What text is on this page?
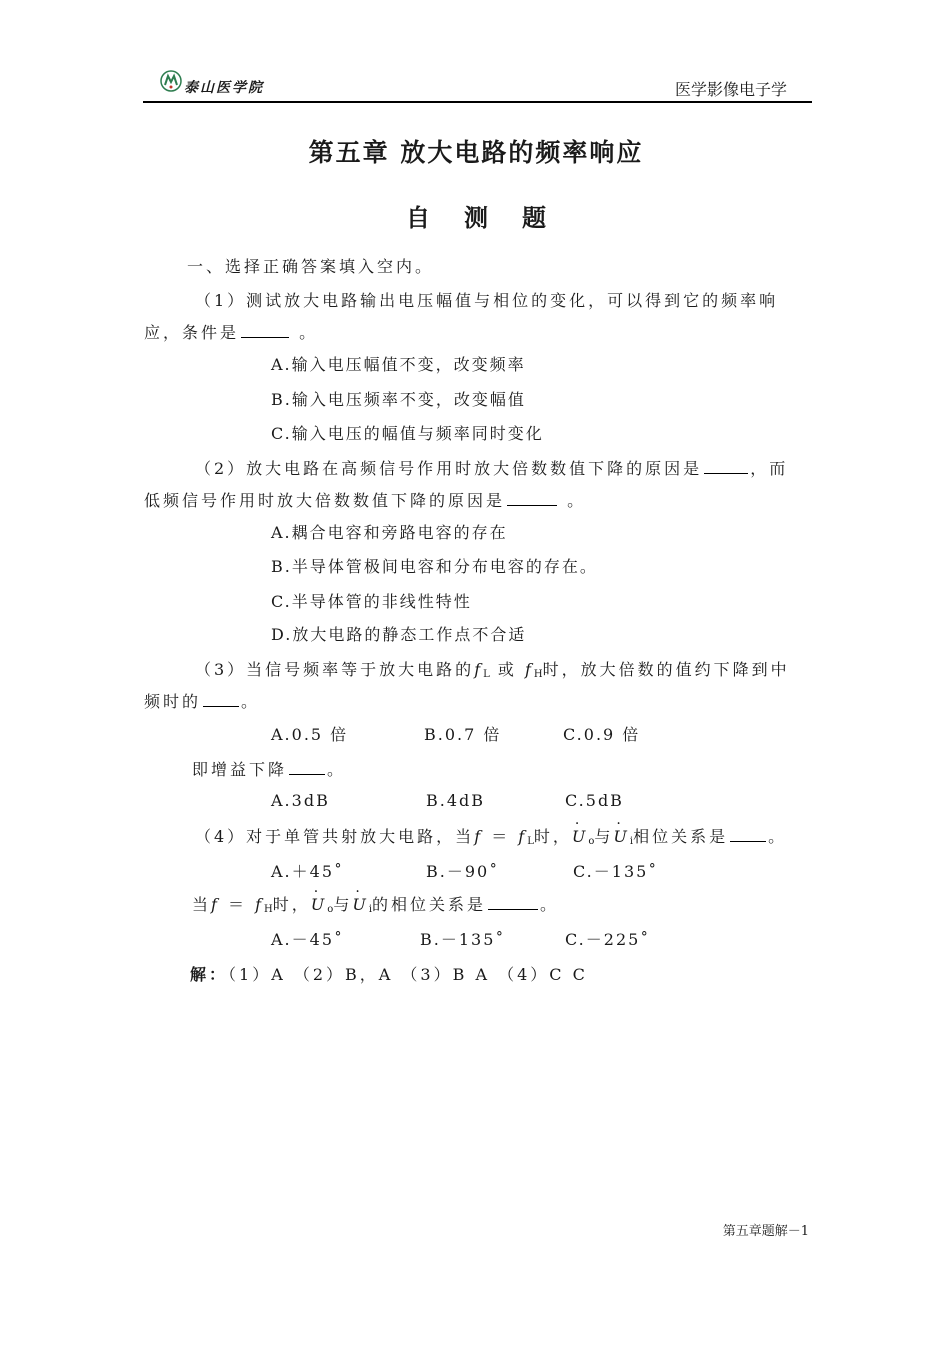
泰山医学院	医学影像电子学
第五章 放大电路的频率响应
自测题
一、选择正确答案填入空内。
（1）测试放大电路输出电压幅值与相位的变化，可以得到它的频率响
应，条件是	。
A.输入电压幅值不变，改变频率
B.输入电压频率不变，改变幅值
C.输入电压的幅值与频率同时变化
（2）放大电路在高频信号作用时放大倍数数值下降的原因是	，而
低频信号作用时放大倍数数值下降的原因是	。
A.耦合电容和旁路电容的存在
B.半导体管极间电容和分布电容的存在。
C.半导体管的非线性特性
D.放大电路的静态工作点不合适
（3）当信号频率等于放大电路的$f_L$ 或 $f_H$时，放大倍数的值约下降到中
频时的	。
A.0.5 倍	B.0.7 倍	C.0.9 倍
即增益下降	。
A.3dB	B.4dB	C.5dB
（4）对于单管共射放大电路，当$f = f_L$时，· $U_o$与· $U_i$相位关系是	。
A.＋45˚	B.－90˚	C.－135˚
当$f = f_H$时，· $U_o$与· $U_i$的相位关系是	。
A.－45˚	B.－135˚	C.－225˚
解：（1）A （2）B，A （3）B A （4）C C
第五章题解－1
